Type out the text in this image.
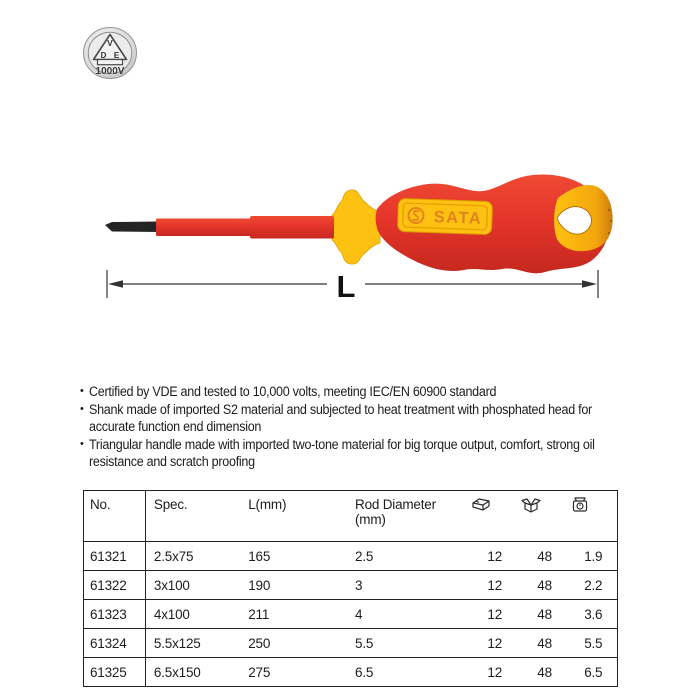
V
D E
1000V
SATA
L
• Certified by VDE and tested to 10,000 volts, meeting IEC/EN 60900 standard
• Shank made of imported S2 material and subjected to heat treatment with phosphated head for
accurate function end dimension
• Triangular handle made with imported two-tone material for big torque output, comfort, strong oil
resistance and scratch proofing
No.	Spec.	L(mm)	Rod Diameter
(mm)

61321	2.5x75	165	2.5	12	48	1.9
61322	3x100	190	3	12	48	2.2
61323	4x100	211	4	12	48	3.6
61324	5.5x125	250	5.5	12	48	5.5
61325	6.5x150	275	6.5	12	48	6.5
